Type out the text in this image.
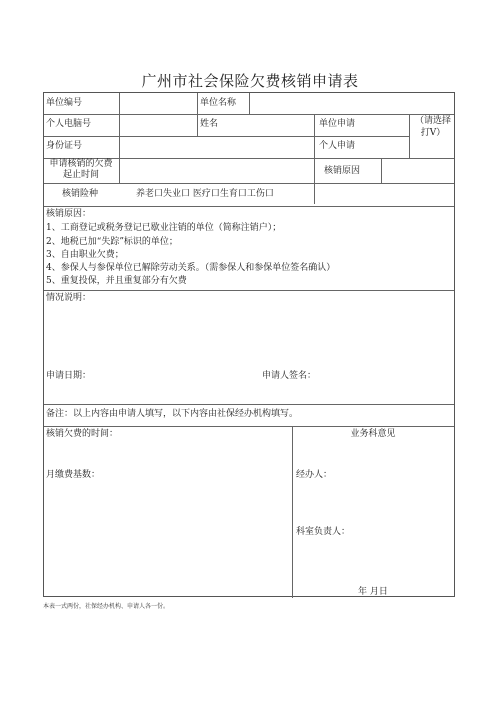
广州市社会保险欠费核销申请表
单位编号	单位名称
个人电脑号	姓名	单位申请	（请选择打V）
身份证号	个人申请
申请核销的欠费起止时间	核销原因
核销险种	养老口失业口 医疗口生育口工伤口
核销原因：
1、工商登记或税务登记已歇业注销的单位（简称注销户）；
2、地税已加“失踪”标识的单位；
3、自由职业欠费；
4、参保人与参保单位已解除劳动关系。（需参保人和参保单位签名确认）
5、重复投保，并且重复部分有欠费
情况说明：
申请日期：	申请人签名：
备注：以上内容由申请人填写，以下内容由社保经办机构填写。
核销欠费的时间：
月缴费基数：
业务科意见
经办人：
科室负责人：
年 月日
本表一式两份，社保经办机构、申请人各一份。
